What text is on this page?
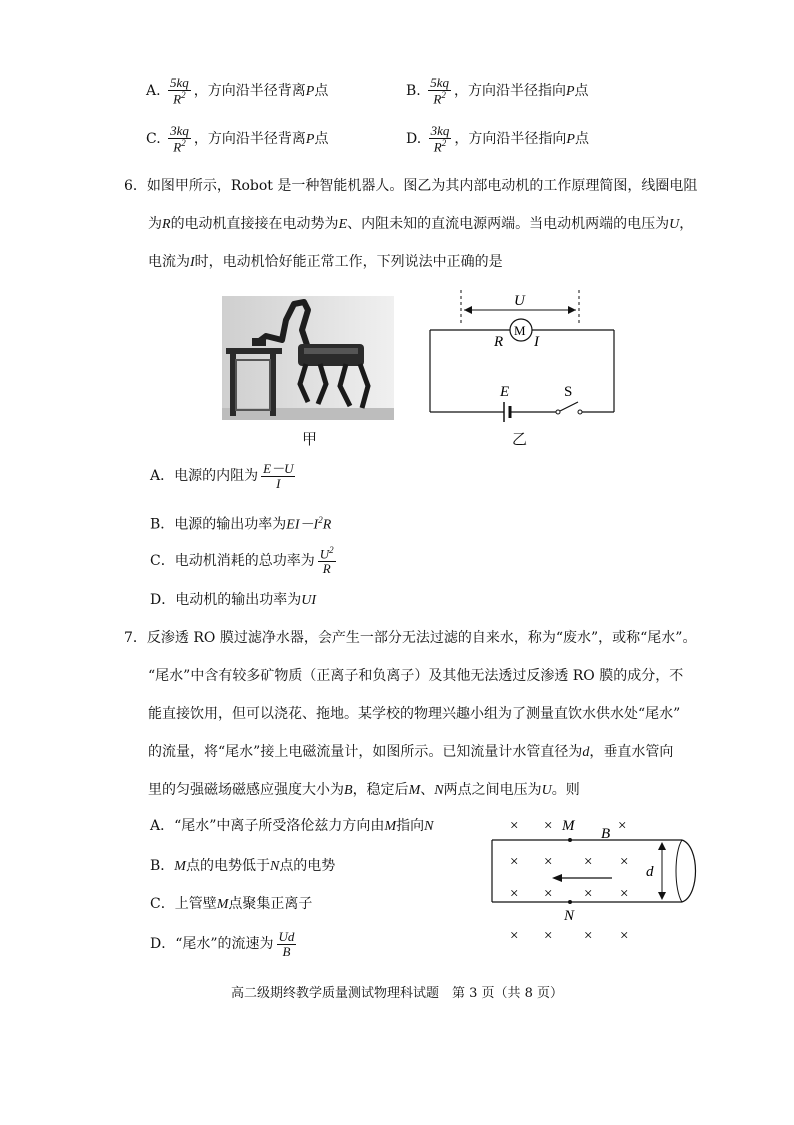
A. $\frac{5kq}{R^2}$ ，方向沿半径背离P点	B. $\frac{5kq}{R^2}$ ，方向沿半径指向P点
C. $\frac{3kq}{R^2}$ ，方向沿半径背离P点	D. $\frac{3kq}{R^2}$ ，方向沿半径指向P点
6．如图甲所示，Robot 是一种智能机器人。图乙为其内部电动机的工作原理简图，线圈电阻
为R的电动机直接接在电动势为E、内阻未知的直流电源两端。当电动机两端的电压为U，
电流为I时，电动机恰好能正常工作，下列说法中正确的是
甲
U
M
R I
E	S
乙
A．电源的内阻为 $\frac{E-U}{I}$
B．电源的输出功率为$EI-I^2R$
C．电动机消耗的总功率为 $\frac{U^2}{R}$
D．电动机的输出功率为UI
7．反渗透 RO 膜过滤净水器，会产生一部分无法过滤的自来水，称为“废水”，或称“尾水”。
“尾水”中含有较多矿物质（正离子和负离子）及其他无法透过反渗透 RO 膜的成分，不
能直接饮用，但可以浇花、拖地。某学校的物理兴趣小组为了测量直饮水供水处“尾水”
的流量，将“尾水”接上电磁流量计，如图所示。已知流量计水管直径为d，垂直水管向
里的匀强磁场磁感应强度大小为B，稳定后M、N两点之间电压为U。则
A．“尾水”中离子所受洛伦兹力方向由M指向N
B．M点的电势低于N点的电势
C．上管壁M点聚集正离子
D．“尾水”的流速为 $\frac{Ud}{B}$
× ×	×
M B
× × × ×
× × × ×
d
N
× × × ×
高二级期终教学质量测试物理科试题　第 3 页（共 8 页）
